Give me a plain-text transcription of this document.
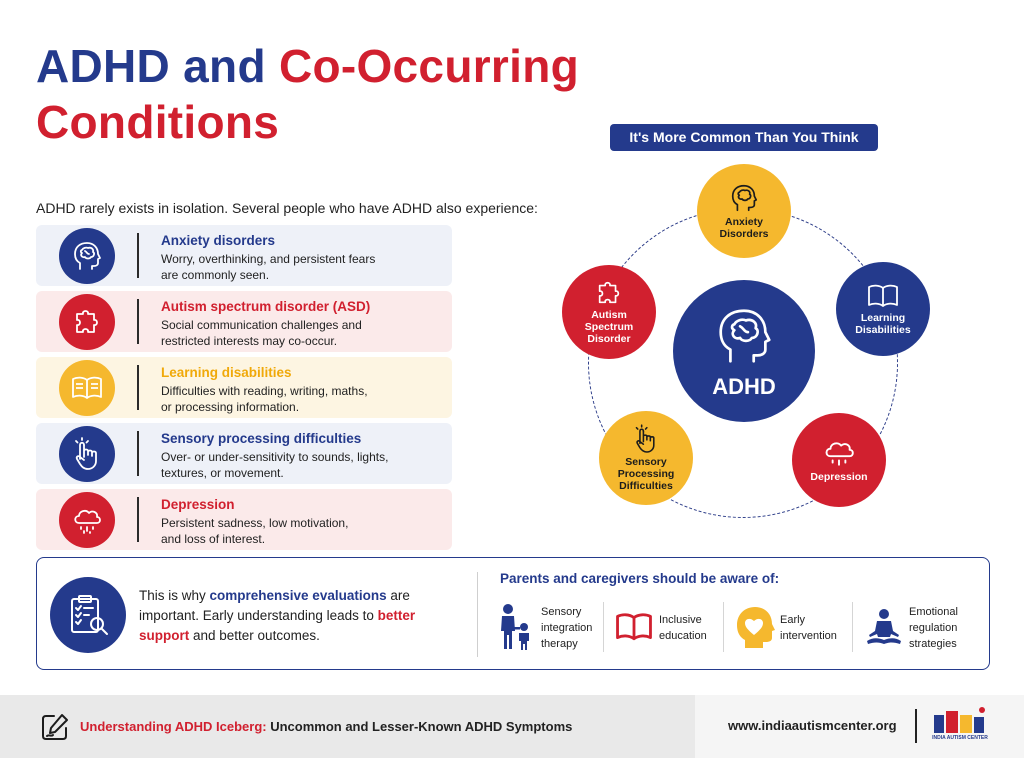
ADHD and Co-Occurring
Conditions
ADHD rarely exists in isolation. Several people who have ADHD also experience:
Anxiety disorders
Worry, overthinking, and persistent fears
are commonly seen.
Autism spectrum disorder (ASD)
Social communication challenges and
restricted interests may co-occur.
Learning disabilities
Difficulties with reading, writing, maths,
or processing information.
Sensory processing difficulties
Over- or under-sensitivity to sounds, lights,
textures, or movement.
Depression
Persistent sadness, low motivation,
and loss of interest.
It's More Common Than You Think
ADHD
Anxiety
Disorders
Learning
Disabilities
Depression
Sensory
Processing
Difficulties
Autism
Spectrum
Disorder
This is why comprehensive evaluations are important. Early understanding leads to better support and better outcomes.
Parents and caregivers should be aware of:
Sensory
integration
therapy
Inclusive
education
Early
intervention
Emotional
regulation
strategies
Understanding ADHD Iceberg: Uncommon and Lesser-Known ADHD Symptoms	www.indiaautismcenter.org
INDIA AUTISM CENTER
